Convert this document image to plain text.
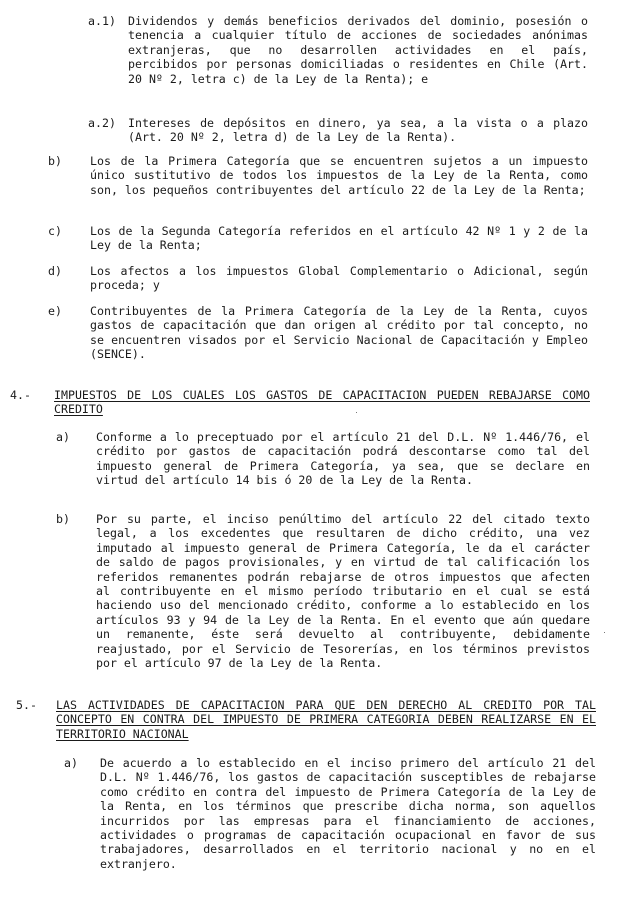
a.1) Dividendos y demás beneficios derivados del dominio, posesión o tenencia a cualquier título de acciones de sociedades anónimas extranjeras, que no desarrollen actividades en el país, percibidos por personas domiciliadas o residentes en Chile (Art. 20 Nº 2, letra c) de la Ley de la Renta); e
a.2) Intereses de depósitos en dinero, ya sea, a la vista o a plazo (Art. 20 Nº 2, letra d) de la Ley de la Renta).
b) Los de la Primera Categoría que se encuentren sujetos a un impuesto único sustitutivo de todos los impuestos de la Ley de la Renta, como son, los pequeños contribuyentes del artículo 22 de la Ley de la Renta;
c) Los de la Segunda Categoría referidos en el artículo 42 Nº 1 y 2 de la Ley de la Renta;
d) Los afectos a los impuestos Global Complementario o Adicional, según proceda; y
e) Contribuyentes de la Primera Categoría de la Ley de la Renta, cuyos gastos de capacitación que dan origen al crédito por tal concepto, no se encuentren visados por el Servicio Nacional de Capacitación y Empleo (SENCE).
4.- IMPUESTOS DE LOS CUALES LOS GASTOS DE CAPACITACION PUEDEN REBAJARSE COMO CREDITO
a) Conforme a lo preceptuado por el artículo 21 del D.L. Nº 1.446/76, el crédito por gastos de capacitación podrá descontarse como tal del impuesto general de Primera Categoría, ya sea, que se declare en virtud del artículo 14 bis ó 20 de la Ley de la Renta.
b) Por su parte, el inciso penúltimo del artículo 22 del citado texto legal, a los excedentes que resultaren de dicho crédito, una vez imputado al impuesto general de Primera Categoría, le da el carácter de saldo de pagos provisionales, y en virtud de tal calificación los referidos remanentes podrán rebajarse de otros impuestos que afecten al contribuyente en el mismo período tributario en el cual se está haciendo uso del mencionado crédito, conforme a lo establecido en los artículos 93 y 94 de la Ley de la Renta. En el evento que aún quedare un remanente, éste será devuelto al contribuyente, debidamente reajustado, por el Servicio de Tesorerías, en los términos previstos por el artículo 97 de la Ley de la Renta.
5.- LAS ACTIVIDADES DE CAPACITACION PARA QUE DEN DERECHO AL CREDITO POR TAL CONCEPTO EN CONTRA DEL IMPUESTO DE PRIMERA CATEGORIA DEBEN REALIZARSE EN EL TERRITORIO NACIONAL
a) De acuerdo a lo establecido en el inciso primero del artículo 21 del D.L. Nº 1.446/76, los gastos de capacitación susceptibles de rebajarse como crédito en contra del impuesto de Primera Categoría de la Ley de la Renta, en los términos que prescribe dicha norma, son aquellos incurridos por las empresas para el financiamiento de acciones, actividades o programas de capacitación ocupacional en favor de sus trabajadores, desarrollados en el territorio nacional y no en el extranjero.
